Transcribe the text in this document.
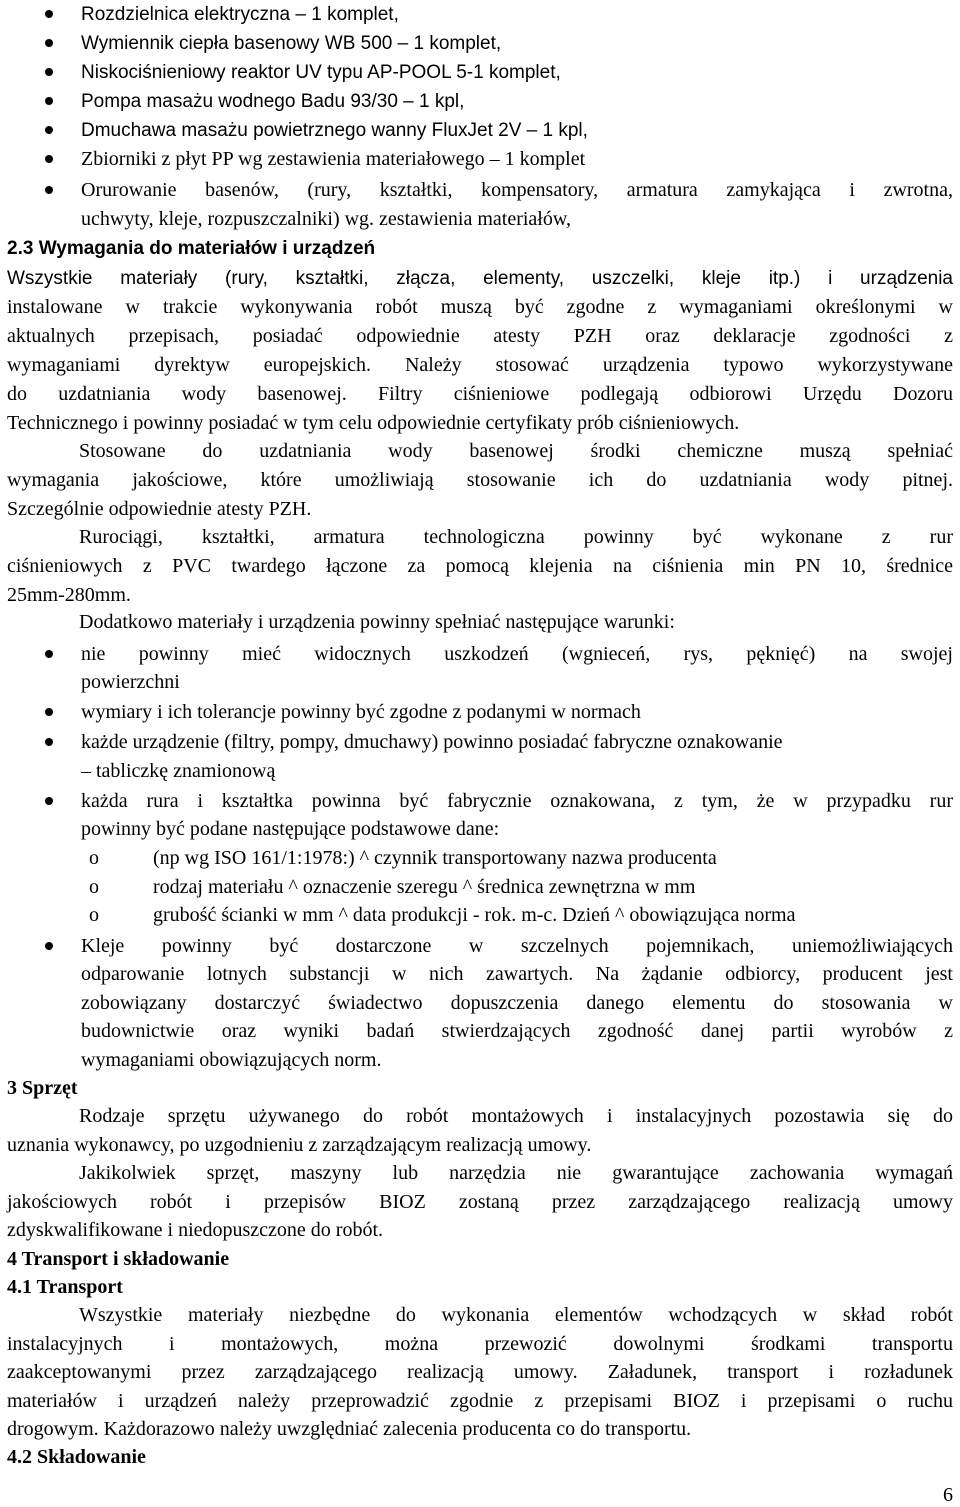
Rozdzielnica elektryczna – 1 komplet,
Wymiennik ciepła basenowy WB 500 – 1 komplet,
Niskociśnieniowy reaktor UV typu AP-POOL 5-1 komplet,
Pompa masażu wodnego Badu 93/30 – 1 kpl,
Dmuchawa masażu powietrznego wanny FluxJet 2V – 1 kpl,
Zbiorniki z płyt PP wg zestawienia materiałowego – 1 komplet
Orurowanie basenów, (rury, kształtki, kompensatory, armatura zamykająca i zwrotna,
uchwyty, kleje, rozpuszczalniki) wg. zestawienia materiałów,
2.3 Wymagania do materiałów i urządzeń
Wszystkie materiały (rury, kształtki, złącza, elementy, uszczelki, kleje itp.) i urządzenia
instalowane w trakcie wykonywania robót muszą być zgodne z wymaganiami określonymi w
aktualnych przepisach, posiadać odpowiednie atesty PZH oraz deklaracje zgodności z
wymaganiami dyrektyw europejskich. Należy stosować urządzenia typowo wykorzystywane
do uzdatniania wody basenowej. Filtry ciśnieniowe podlegają odbiorowi Urzędu Dozoru
Technicznego i powinny posiadać w tym celu odpowiednie certyfikaty prób ciśnieniowych.
Stosowane do uzdatniania wody basenowej środki chemiczne muszą spełniać
wymagania jakościowe, które umożliwiają stosowanie ich do uzdatniania wody pitnej.
Szczególnie odpowiednie atesty PZH.
Rurociągi, kształtki, armatura technologiczna powinny być wykonane z rur
ciśnieniowych z PVC twardego łączone za pomocą klejenia na ciśnienia min PN 10, średnice
25mm-280mm.
Dodatkowo materiały i urządzenia powinny spełniać następujące warunki:
nie powinny mieć widocznych uszkodzeń (wgnieceń, rys, pęknięć) na swojej
powierzchni
wymiary i ich tolerancje powinny być zgodne z podanymi w normach
każde urządzenie (filtry, pompy, dmuchawy) powinno posiadać fabryczne oznakowanie
– tabliczkę znamionową
każda rura i kształtka powinna być fabrycznie oznakowana, z tym, że w przypadku rur
powinny być podane następujące podstawowe dane:
o	(np wg ISO 161/1:1978:) ^ czynnik transportowany nazwa producenta
o	rodzaj materiału ^ oznaczenie szeregu ^ średnica zewnętrzna w mm
o	grubość ścianki w mm ^ data produkcji - rok. m-c. Dzień ^ obowiązująca norma
Kleje powinny być dostarczone w szczelnych pojemnikach, uniemożliwiających
odparowanie lotnych substancji w nich zawartych. Na żądanie odbiorcy, producent jest
zobowiązany dostarczyć świadectwo dopuszczenia danego elementu do stosowania w
budownictwie oraz wyniki badań stwierdzających zgodność danej partii wyrobów z
wymaganiami obowiązujących norm.
3 Sprzęt
Rodzaje sprzętu używanego do robót montażowych i instalacyjnych pozostawia się do
uznania wykonawcy, po uzgodnieniu z zarządzającym realizacją umowy.
Jakikolwiek sprzęt, maszyny lub narzędzia nie gwarantujące zachowania wymagań
jakościowych robót i przepisów BIOZ zostaną przez zarządzającego realizacją umowy
zdyskwalifikowane i niedopuszczone do robót.
4 Transport i składowanie
4.1 Transport
Wszystkie materiały niezbędne do wykonania elementów wchodzących w skład robót
instalacyjnych i montażowych, można przewozić dowolnymi środkami transportu
zaakceptowanymi przez zarządzającego realizacją umowy. Załadunek, transport i rozładunek
materiałów i urządzeń należy przeprowadzić zgodnie z przepisami BIOZ i przepisami o ruchu
drogowym. Każdorazowo należy uwzględniać zalecenia producenta co do transportu.
4.2 Składowanie
6
